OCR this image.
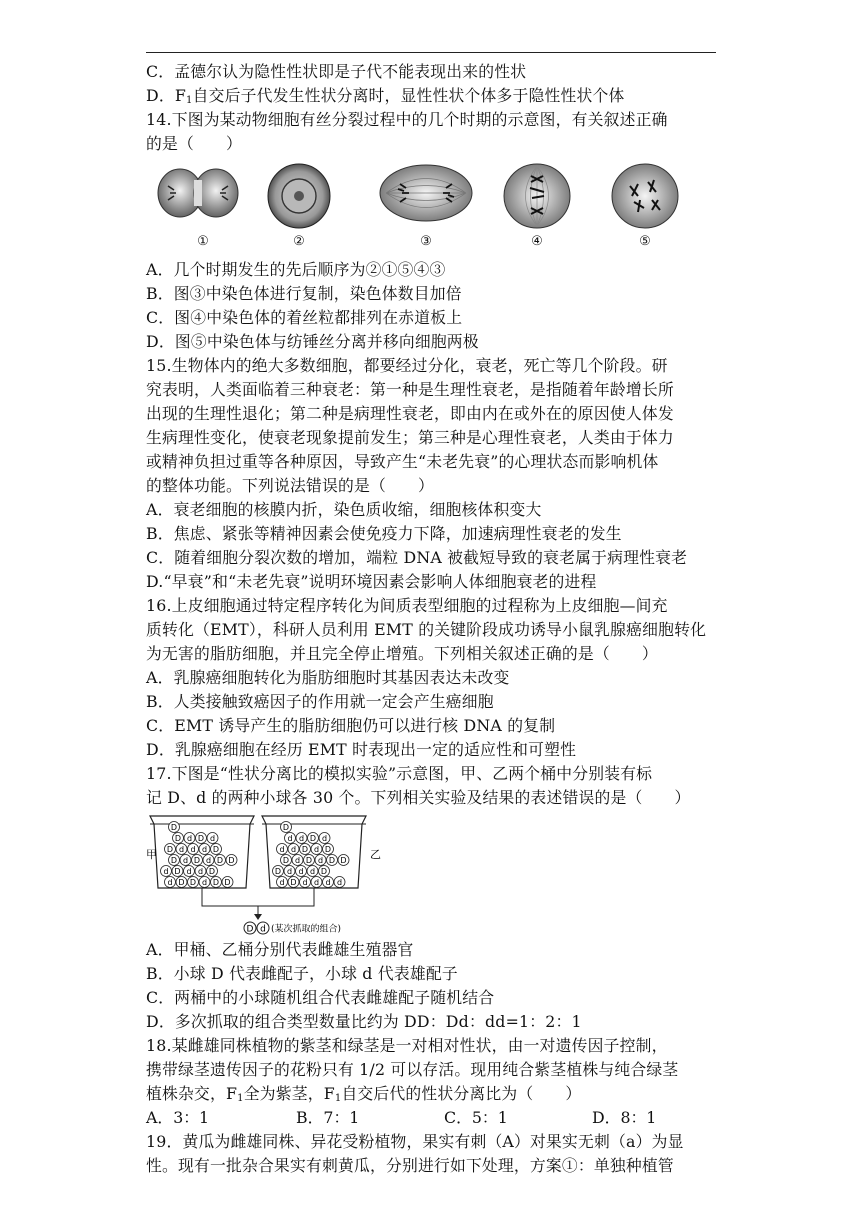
C．孟德尔认为隐性性状即是子代不能表现出来的性状
D．$F_1$自交后子代发生性状分离时，显性性状个体多于隐性性状个体
14.下图为某动物细胞有丝分裂过程中的几个时期的示意图，有关叙述正确
的是（　　）
①	②	③	④	⑤
A．几个时期发生的先后顺序为②①⑤④③
B．图③中染色体进行复制，染色体数目加倍
C．图④中染色体的着丝粒都排列在赤道板上
D．图⑤中染色体与纺锤丝分离并移向细胞两极
15.生物体内的绝大多数细胞，都要经过分化，衰老，死亡等几个阶段。研
究表明，人类面临着三种衰老：第一种是生理性衰老，是指随着年龄增长所
出现的生理性退化；第二种是病理性衰老，即由内在或外在的原因使人体发
生病理性变化，使衰老现象提前发生；第三种是心理性衰老，人类由于体力
或精神负担过重等各种原因，导致产生“未老先衰”的心理状态而影响机体
的整体功能。下列说法错误的是（　　）
A．衰老细胞的核膜内折，染色质收缩，细胞核体积变大
B．焦虑、紧张等精神因素会使免疫力下降，加速病理性衰老的发生
C．随着细胞分裂次数的增加，端粒 DNA 被截短导致的衰老属于病理性衰老
D.“早衰”和“未老先衰”说明环境因素会影响人体细胞衰老的进程
16.上皮细胞通过特定程序转化为间质表型细胞的过程称为上皮细胞—间充
质转化（EMT），科研人员利用 EMT 的关键阶段成功诱导小鼠乳腺癌细胞转化
为无害的脂肪细胞，并且完全停止增殖。下列相关叙述正确的是（　　）
A．乳腺癌细胞转化为脂肪细胞时其基因表达未改变
B．人类接触致癌因子的作用就一定会产生癌细胞
C．EMT 诱导产生的脂肪细胞仍可以进行核 DNA 的复制
D．乳腺癌细胞在经历 EMT 时表现出一定的适应性和可塑性
17.下图是“性状分离比的模拟实验”示意图，甲、乙两个桶中分别装有标
记 D、d 的两种小球各 30 个。下列相关实验及结果的表述错误的是（　　）
D
D d D d
D d d d D
D d D d D D
d D d d D
d D D d D D
D
d d D d
d d D d D
D d D d D D
D d d d D
d D d d d d
甲	乙
D d (某次抓取的组合)
A．甲桶、乙桶分别代表雌雄生殖器官
B．小球 D 代表雌配子，小球 d 代表雄配子
C．两桶中的小球随机组合代表雌雄配子随机结合
D．多次抓取的组合类型数量比约为 DD：Dd：dd=1：2：1
18.某雌雄同株植物的紫茎和绿茎是一对相对性状，由一对遗传因子控制，
携带绿茎遗传因子的花粉只有 1/2 可以存活。现用纯合紫茎植株与纯合绿茎
植株杂交，$F_1$全为紫茎，$F_1$自交后代的性状分离比为（　　）
A．3：1	B．7：1	C．5：1	D．8：1
19．黄瓜为雌雄同株、异花受粉植物，果实有刺（A）对果实无刺（a）为显
性。现有一批杂合果实有刺黄瓜，分别进行如下处理，方案①：单独种植管
